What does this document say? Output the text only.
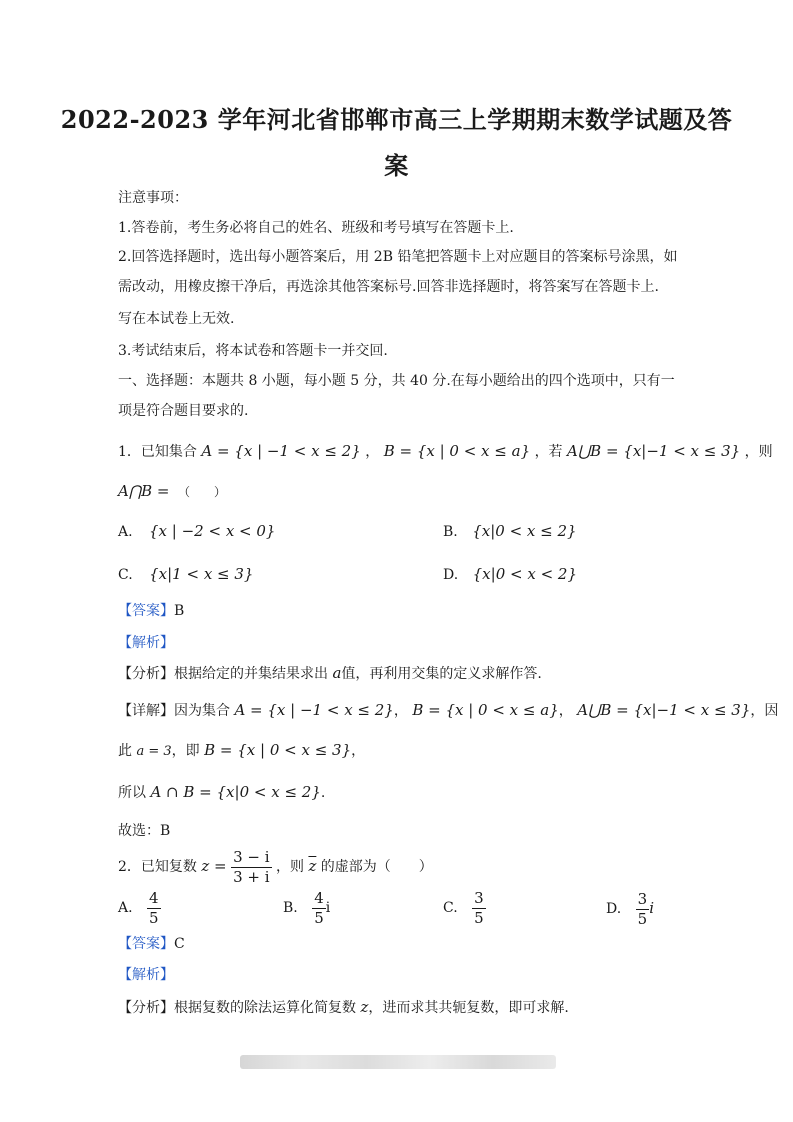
2022-2023 学年河北省邯郸市高三上学期期末数学试题及答
案
注意事项：
1.答卷前，考生务必将自己的姓名、班级和考号填写在答题卡上.
2.回答选择题时，选出每小题答案后，用 2B 铅笔把答题卡上对应题目的答案标号涂黑，如
需改动，用橡皮擦干净后，再选涂其他答案标号.回答非选择题时，将答案写在答题卡上.
写在本试卷上无效.
3.考试结束后，将本试卷和答题卡一并交回.
一、选择题：本题共 8 小题，每小题 5 分，共 40 分.在每小题给出的四个选项中，只有一
项是符合题目要求的.
1．已知集合 A = {x | −1 < x ≤ 2} ， B = {x | 0 < x ≤ a} ，若 A⋃B = {x|−1 < x ≤ 3} ，则
A⋂B = （　　）
A. {x | −2 < x < 0}	B. {x|0 < x ≤ 2}
C. {x|1 < x ≤ 3}	D. {x|0 < x < 2}
【答案】B
【解析】
【分析】根据给定的并集结果求出 a值，再利用交集的定义求解作答.
【详解】因为集合 A = {x | −1 < x ≤ 2}， B = {x | 0 < x ≤ a}， A⋃B = {x|−1 < x ≤ 3}，因
此 a = 3，即 B = {x | 0 < x ≤ 3}，
所以 A ∩ B = {x|0 < x ≤ 2}.
故选：B
2．已知复数 $z = \frac{3 - i}{3 + i}$ ，则 $\overline{z}$ 的虚部为（　　）
A. $\frac{4}{5}$	B. $\frac{4}{5}$ i	C. $\frac{3}{5}$	D. $\frac{3}{5}$ i
【答案】C
【解析】
【分析】根据复数的除法运算化简复数 z，进而求其共轭复数，即可求解.
